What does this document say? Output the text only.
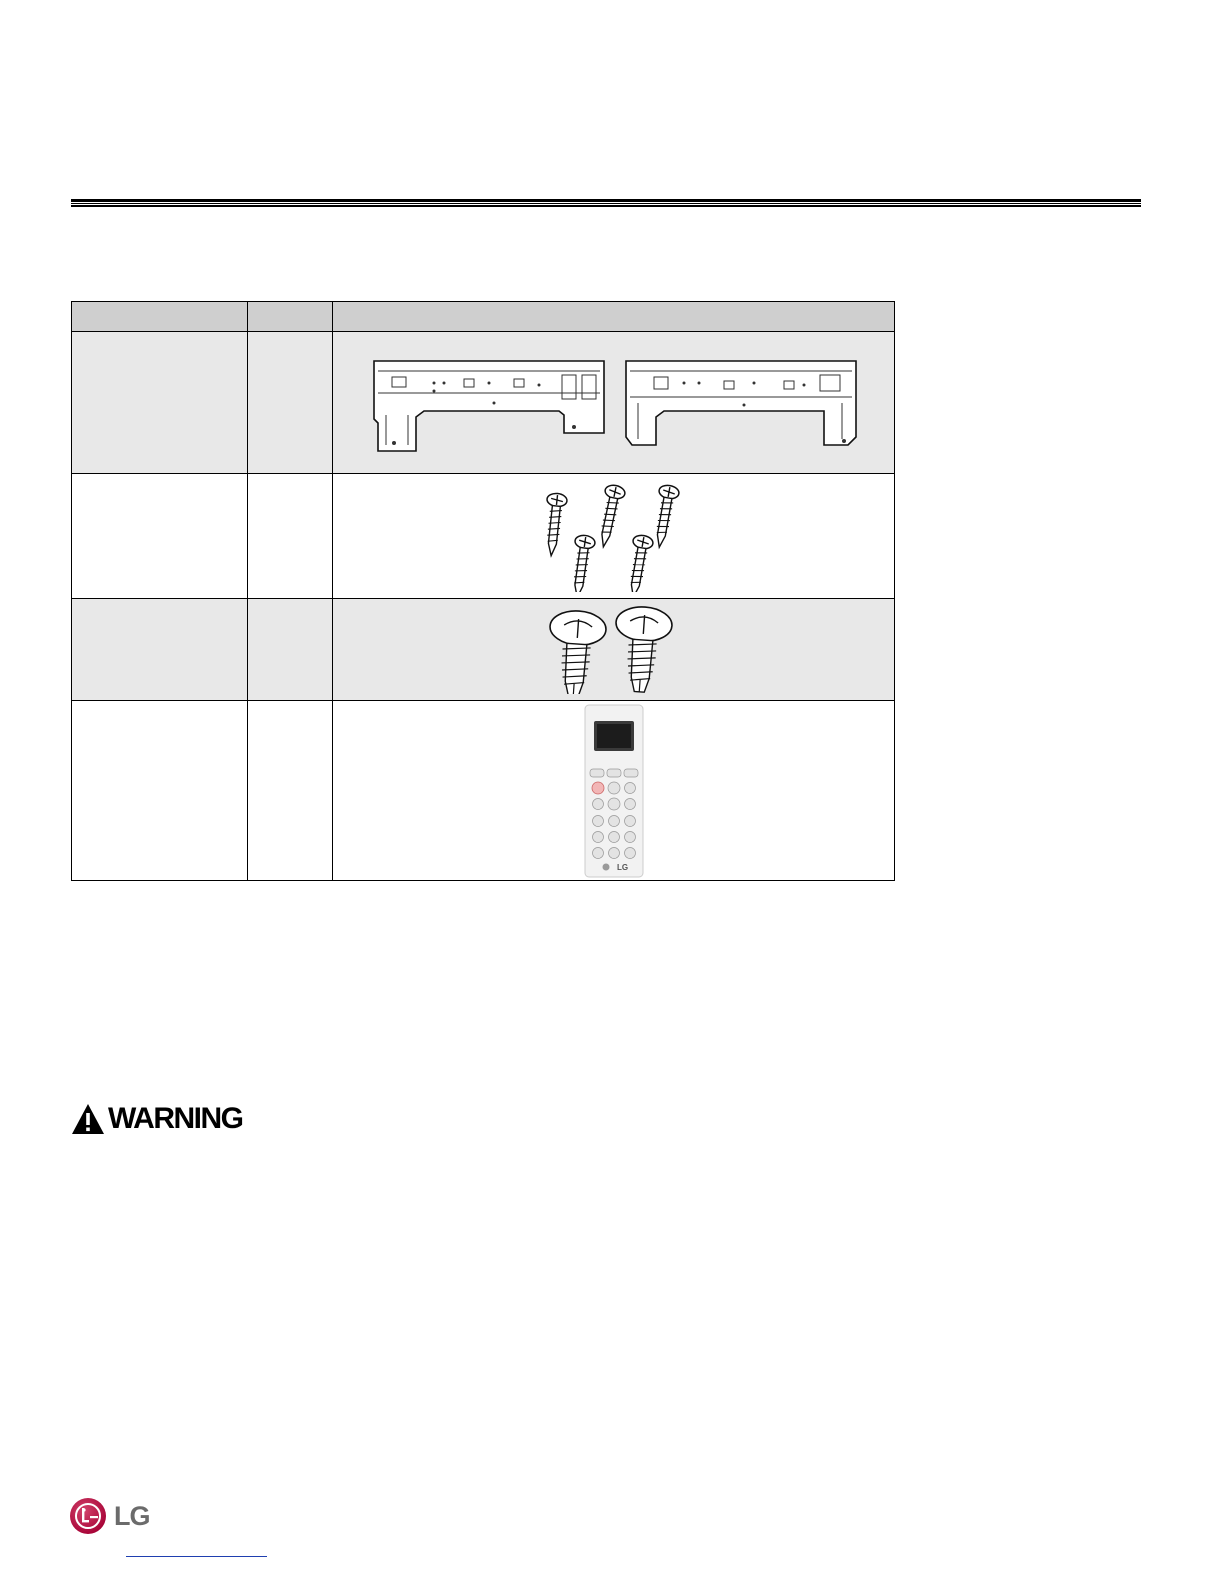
LG
WARNING
LG
